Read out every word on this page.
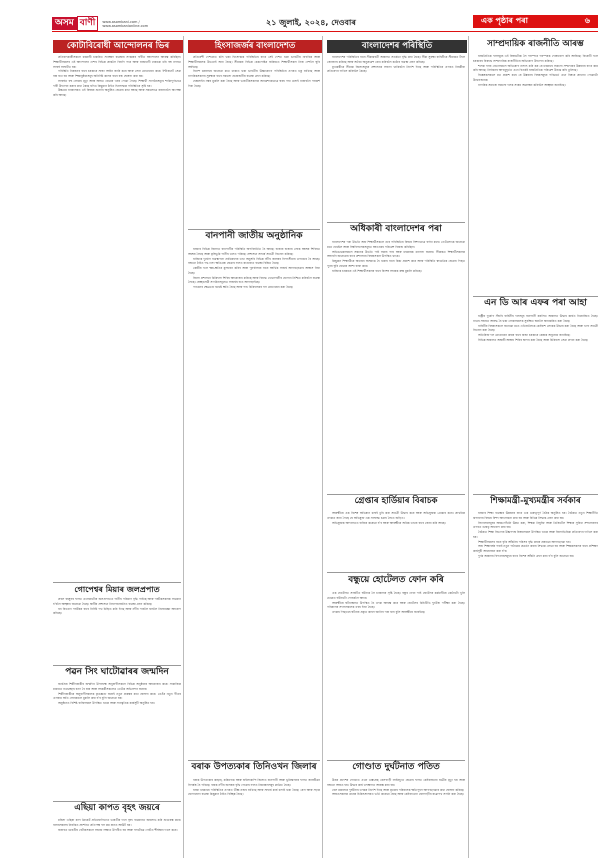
অসম বাণী	www.asombani.com / www.asombanionline.com	২১ জুলাই, ২০২৪, দেওবাৰ	এক পৃষ্ঠাৰ পৰা	৬
কোটাবিৰোধী আন্দোলনৰ ভিৰ

প্ৰতিবাদকাৰীসকলে চৰকাৰী চাকৰিত সংৰক্ষণ ব্যৱস্থাৰ সংস্কাৰৰ দাবীত আন্দোলন আৰম্ভ কৰিছিল। শিক্ষাৰ্থীসকলৰ এই আন্দোলন দেশৰ বিভিন্ন প্ৰান্তলৈ বিয়পি পৰে আৰু ৰাজধানী ঢাকাকে ধৰি বহু নগৰত সংঘৰ্ষ সংঘটিত হয়।

পৰিস্থিতি নিয়ন্ত্ৰণৰ বাবে চৰকাৰে সান্ধ্য আইন জাৰি কৰে আৰু সেনা মোতায়েন কৰে। ইণ্টাৰনেট সেৱা বন্ধ ৰখা হয় আৰু শিক্ষানুষ্ঠানসমূহ অনিৰ্দিষ্ট কালৰ বাবে বন্ধ ঘোষণা কৰা হয়।

সংঘৰ্ষত বহু লোকৰ মৃত্যু আৰু আহত হোৱাৰ খবৰ পোৱা গৈছে। শিক্ষাৰ্থী সংগঠনসমূহে শান্তিপূৰ্ণভাৱে দাবী উত্থাপন কৰাৰ কথা কৈছে যদিও কিছুমান ঠাইত হিংসাত্মক পৰিস্থিতিৰ সৃষ্টি হয়।

উচ্চতম ন্যায়ালয়ত এই বিষয়ৰ শুনানি অনুষ্ঠিত হোৱাৰ কথা আছে আৰু সকলোৱে ৰায়দানলৈ অপেক্ষা কৰি আছে।

গোপেশ্বৰ মিয়াৰ জলপ্ৰপাত

প্ৰবল বৰষুণৰ ফলত এলেকাটোৰ জলপ্ৰপাতত পানীৰ পৰিমাণ বৃদ্ধি পাইছে আৰু পৰ্যটকসকলক সাৱধান হ'বলৈ আহ্বান জনোৱা হৈছে। স্থানীয় প্ৰশাসনে নিৰাপত্তাজনিত ব্যৱস্থা গ্ৰহণ কৰিছে।

বন বিভাগে পৰ্যটকৰ বাবে নিৰ্দিষ্ট পথ চিহ্নিত কৰি দিছে আৰু নদীৰ পাৰলৈ যাবলৈ নিষেধাজ্ঞা আৰোপ কৰিছে।

পৱন সিং ঘাটোৱাৰৰ জন্মদিন

জনপ্ৰিয় শিল্পীগৰাকীৰ জন্মদিন উপলক্ষে অনুৰাগীসকলে বিভিন্ন অনুষ্ঠানৰ আয়োজন কৰে। সামাজিক মাধ্যমত শুভেচ্ছাৰ বন্যা বৈ যায় আৰু সহকৰ্মীসকলেও তেওঁক অভিনন্দন জনায়।

শিল্পীগৰাকীয়ে অনুৰাগীসকলক কৃতজ্ঞতা জনাই নতুন প্ৰকল্পৰ কথা ঘোষণা কৰে। তেওঁৰ নতুন গীতৰ এলবাম অতি সোনকালে মুকলি কৰা হ'ব বুলি জনোৱা হয়।

অনুষ্ঠানত বিশিষ্ট ব্যক্তিসকল উপস্থিত থাকে আৰু সাংস্কৃতিক কাৰ্যসূচী অনুষ্ঠিত হয়।

এছিয়া কাপত বৃহৎ জয়ৰে

মহিলা এছিয়া কাপ ক্ৰিকেট প্ৰতিযোগিতাত ভাৰতীয় দলে বৃহৎ ব্যৱধানত জয়লাভ কৰি শুভাৰম্ভ কৰে। বলাৰসকলৰ নিয়ন্ত্ৰিত প্ৰদৰ্শনত প্ৰতিপক্ষ দল কম ৰানত আউট হয়।

জবাবত ভাৰতীয় বেটাৰসকলে সহজে লক্ষ্যত উপনীত হয় আৰু দলটোৱে গোটত শীৰ্ষস্থান দখল কৰে।

হিংসাজৰ্জৰ বাংলাদেশত

প্ৰতিবেশী দেশখনত চলি থকা হিংসাত্মক পৰিস্থিতিৰ বাবে সেই দেশত থকা ভাৰতীয় নাগৰিক আৰু শিক্ষাৰ্থীসকলক উভতাই অনা হৈছে। সীমান্তৰ বিভিন্ন চেকপোষ্টৰ জৰিয়তে শিক্ষাৰ্থীসকল নিজ দেশলৈ ঘূৰি আহিছে।

বিদেশ মন্ত্ৰালয়ে জনোৱা মতে ঢাকাত থকা ভাৰতীয় উচ্চায়োগে পৰিস্থিতিৰ ওপৰত চকু ৰাখিছে আৰু নাগৰিকসকলৰ সুৰক্ষাৰ বাবে সকলো প্ৰয়োজনীয় ব্যৱস্থা গ্ৰহণ কৰিছে।

হেল্পলাইন নম্বৰ মুকলি কৰা হৈছে আৰু ভাৰতীয়সকলক অনাৱশ্যকভাৱে ঘৰৰ পৰা ওলাই নাযাবলৈ পৰামৰ্শ দিয়া হৈছে।

বানপানী জাতীয় অনুষ্ঠানিক

ৰাজ্যৰ বিভিন্ন জিলাত বানপানীৰ পৰিস্থিতি অপৰিবৰ্তিত হৈ আছে। হাজাৰ হাজাৰ লোক আশ্ৰয় শিবিৰত আশ্ৰয় লৈছে আৰু কৃষিভূমি পানীৰ তলত পৰিছে। প্ৰশাসনে সাহাৰ্য সামগ্ৰী বিতৰণ কৰিছে।

ৰাজ্যিক দুৰ্যোগ ব্যৱস্থাপনা প্ৰাধিকৰণৰ তথ্য অনুসৰি বিভিন্ন নদীৰ জলস্তৰ বিপদসীমাৰ ওপৰেৰে বৈ আছে। বহুতো ঠাইত পথ-দলং ক্ষতিগ্ৰস্ত হোৱাৰ ফলত যাতায়াত ব্যৱস্থা বিঘ্নিত হৈছে।

কেন্দ্ৰীয় দলে ক্ষয়-ক্ষতিৰ মূল্যায়ন কৰিব আৰু পুনৰ্বাসনৰ বাবে আৰ্থিক সাহাৰ্য আগবঢ়োৱাৰ আশ্বাস দিয়া হৈছে।

জিলা প্ৰশাসনে চিকিৎসা শিবিৰ আয়োজন কৰিছে আৰু বিশুদ্ধ খোৱাপানীৰ যোগান নিশ্চিত কৰিবলৈ ব্যৱস্থা লৈছে। স্বেচ্ছাসেৱী সংগঠনসমূহেও সাহাৰ্যৰ হাত আগবঢ়াইছে।

পশুধনৰ ক্ষেত্ৰতো যথেষ্ট ক্ষতি হৈছে আৰু পশু চিকিৎসকৰ দল মোতায়েন কৰা হৈছে।

বৰাক উপত্যকাৰ তিনিওখন জিলাৰ

বৰাক উপত্যকাৰ কাছাৰ, কৰিমগঞ্জ আৰু হাইলাকান্দি জিলাত বানপানী আৰু ভূমিস্খলনৰ ফলত জনজীৱন বিপৰ্যস্ত হৈ পৰিছে। বৰাক নদীৰ জলস্তৰ বৃদ্ধি পোৱাৰ ফলত নিম্নাঞ্চলসমূহ প্লাৱিত হৈছে।

ৰাজ্য চৰকাৰে পৰিস্থিতিৰ ওপৰত তীক্ষ্ণ নজৰ ৰাখিছে আৰু সাহাৰ্য কাৰ্য চলাই থকা হৈছে। ৰেল আৰু সড়ক যোগাযোগ ব্যৱস্থা কিছুমান ঠাইত বিচ্ছিন্ন হৈছে।

বাংলাদেশৰ পৰিস্থিতি

বাংলাদেশৰ পৰিস্থিতিৰ বাবে সীমান্তবৰ্তী অঞ্চলত সতৰ্কতা বৃদ্ধি কৰা হৈছে। সীমা সুৰক্ষা বাহিনীয়ে সীমান্তত টহল জোৰদাৰ কৰিছে আৰু অবৈধ অনুপ্ৰৱেশ ৰোধ কৰিবলৈ কঠোৰ ব্যৱস্থা গ্ৰহণ কৰিছে।

মুখ্যমন্ত্ৰীয়ে সীমান্ত জিলাসমূহৰ প্ৰশাসনক সজাগ থাকিবলৈ নিৰ্দেশ দিছে আৰু পৰিস্থিতিৰ ওপৰত নিয়মীয়া প্ৰতিবেদন দাখিল কৰিবলৈ কৈছে।

অধিকাৰী বাংলাদেশৰ পৰা

বাংলাদেশৰ পৰা উভতি অহা শিক্ষাৰ্থীসকলে তাৰ পৰিস্থিতিৰ বিষয়ে বিশদভাৱে বৰ্ণনা কৰে। তেওঁলোকে জনোৱা মতে হোষ্টেল আৰু বিশ্ববিদ্যালয়সমূহত আতংকৰ পৰিৱেশ বিৰাজ কৰিছিল।

অভিভাৱকসকলে সন্তানক উভতি পাই সকাহ পায় আৰু চৰকাৰক ধন্যবাদ জনায়। সীমান্তত শিক্ষাৰ্থীসকলক আদৰণি জনোৱাৰ বাবে প্ৰশাসনৰ বিষয়াসকল উপস্থিত থাকে।

কিছুমান শিক্ষাৰ্থীয়ে অধ্যয়ন অসমাপ্ত হৈ থকাৰ বাবে চিন্তা প্ৰকাশ কৰে আৰু পৰিস্থিতি স্বাভাৱিক হোৱাৰ পিছত পুনৰ ঘূৰি যোৱাৰ আশা ব্যক্ত কৰে।

ৰাজ্যিক চৰকাৰে এই শিক্ষাৰ্থীসকলৰ বাবে বিশেষ সহায়ক কক্ষ মুকলি কৰিছে।

গ্ৰেপ্তাৰ হাৰ্ডিয়াৰ বিৰাচক

আৰক্ষীয়ে এক বিশেষ অভিযান চলাই চুৰি কৰা সামগ্ৰী উদ্ধাৰ কৰে আৰু অভিযুক্তক গ্ৰেপ্তাৰ কৰে। প্ৰাথমিক তদন্তত জনা গৈছে যে অভিযুক্ত এক সংঘবদ্ধ চক্ৰৰ সৈতে জড়িত।

অভিযুক্তক আদালতত হাজিৰ কৰোৱা হ'ব আৰু আৰক্ষীয়ে অধিক তথ্যৰ বাবে জেৰা কৰি আছে।

বন্ধুয়ে হোটেলত ফোন কৰি

এক হোটেলত সংঘটিত ঘটনাক লৈ চাঞ্চল্যৰ সৃষ্টি হৈছে। বন্ধুৰ ফোন পাই হোটেলৰ কৰ্মচাৰীয়ে কোঠাটো খুলি চোৱাত ঘটনাটো পোহৰলৈ আহে।

আৰক্ষীয়ে ঘটনাস্থলত উপস্থিত হৈ তদন্ত আৰম্ভ কৰে আৰু হোটেলৰ চিচিটিভি ফুটেজ পৰীক্ষা কৰা হৈছে। পৰিয়ালৰ সদস্যসকলক খবৰ দিয়া হৈছে।

তদন্তৰ পিছতহে ঘটনাৰ প্ৰকৃত কাৰণ জানিব পৰা যাব বুলি আৰক্ষীয়ে জনাইছে।

গোণ্ডাত দুৰ্ঘটনাত পতিত

উত্তৰ প্ৰদেশৰ গোণ্ডাত এখন এক্সপ্ৰেছ ৰেলগাড়ী লাইনচ্যুত হোৱাৰ ফলত কেইবাজনো যাত্ৰীৰ মৃত্যু হয় আৰু বহুতো আহত হয়। উদ্ধাৰ কাৰ্য তৎক্ষণাত আৰম্ভ কৰা হয়।

ৰেল মন্ত্ৰালয়ে দুৰ্ঘটনাৰ তদন্তৰ নিৰ্দেশ দিছে আৰু মৃতকৰ পৰিয়ালক ক্ষতিপূৰণ আগবঢ়োৱাৰ কথা ঘোষণা কৰিছে।

আহতসকলক ওচৰৰ চিকিৎসালয়ত ভৰ্তি কৰোৱা হৈছে আৰু কেইবাখনো ৰেলগাড়ীৰ যাত্ৰাপথ সলনি কৰা হৈছে।

সাম্প্ৰদায়িক ৰাজনীতি আৰম্ভ

ৰাজনৈতিক দলসমূহে এই বিষয়টোক লৈ পৰস্পৰে পৰস্পৰক দোষাৰোপ কৰি আহিছে। বিৰোধী দলে চৰকাৰৰ বিৰুদ্ধে সাম্প্ৰদায়িক ৰাজনীতিৰ অভিযোগ উত্থাপন কৰিছে।

শাসক দলৰ নেতাসকলে অভিযোগ নস্যাৎ কৰি কয় যে চৰকাৰে সকলো সম্প্ৰদায়ৰ উন্নয়নৰ বাবে কাম কৰি আছে। নিৰ্বাচনৰ আগমুহূৰ্তত এনে বিতৰ্কই ৰাজনৈতিক পৰিৱেশ উত্তপ্ত কৰি তুলিছে।

বিশ্লেষকসকলে মত প্ৰকাশ কৰে যে উন্নয়নৰ বিষয়সমূহৰ পৰিৱৰ্তে এনে বিষয়ে প্ৰাধান্য পোৱাটো উদ্বেগজনক।

নাগৰিক সমাজে সকলো দলক সংযম অৱলম্বন কৰিবলৈ আহ্বান জনাইছে।

এন ডি আৰ এফৰ পৰা আহা

ৰাষ্ট্ৰীয় দুৰ্যোগ সঁহাৰি বাহিনীৰ দলসমূহ বানপানী কবলিত অঞ্চলত উদ্ধাৰ কাৰ্যত নিয়োজিত হৈছে। নাওৰ সহায়ত আবদ্ধ হৈ থকা লোকসকলক সুৰক্ষিত স্থানলৈ স্থানান্তৰিত কৰা হৈছে।

বাহিনীৰ বিষয়াসকলে জনোৱা মতে এতিয়ালৈকে কেইবাশ লোকক উদ্ধাৰ কৰা হৈছে আৰু খাদ্য সামগ্ৰী বিতৰণ কৰা হৈছে।

অতিৰিক্ত দল মোতায়েন কৰাৰ বাবে ৰাজ্য চৰকাৰে কেন্দ্ৰক অনুৰোধ জনাইছে।

বিভিন্ন অঞ্চলত অস্থায়ী আশ্ৰয় শিবিৰ স্থাপন কৰা হৈছে আৰু চিকিৎসা সেৱা প্ৰদান কৰা হৈছে।

শিক্ষামন্ত্ৰী-মুখ্যমন্ত্ৰীৰ সৰ্বকাৰ

ৰাজ্যৰ শিক্ষা ব্যৱস্থাৰ উন্নয়নৰ বাবে এক গুৰুত্বপূৰ্ণ বৈঠক অনুষ্ঠিত হয়। বৈঠকত নতুন শিক্ষানীতি ৰূপায়ণৰ বিষয়ে বিশদ আলোচনা কৰা হয় আৰু বিভিন্ন সিদ্ধান্ত গ্ৰহণ কৰা হয়।

বিদ্যালয়সমূহৰ আন্তঃগাঁথনি উন্নত কৰা, শিক্ষক নিযুক্তি আৰু ডিজিটেল শিক্ষাৰ সুবিধা সম্প্ৰসাৰণৰ ওপৰত গুৰুত্ব আৰোপ কৰা হয়।

বৈঠকত শিক্ষা বিভাগৰ উচ্চপদস্থ বিষয়াসকল উপস্থিত থাকে আৰু জিলাভিত্তিক প্ৰতিবেদন দাখিল কৰা হয়।

শিক্ষাৰ্থীসকলৰ বাবে বৃত্তি আঁচনিৰ পৰিসৰ বৃদ্ধি কৰাৰ প্ৰস্তাৱো আগবঢ়োৱা হয়।

অহা শিক্ষাবৰ্ষৰ পৰাই নতুন পাঠ্যক্ৰম প্ৰৱৰ্তন কৰাৰ সিদ্ধান্ত লোৱা হয় আৰু শিক্ষকসকলৰ বাবে প্ৰশিক্ষণ কাৰ্যসূচী আয়োজন কৰা হ'ব।

দুৰ্গম অঞ্চলৰ বিদ্যালয়সমূহৰ বাবে বিশেষ আঁচনি গ্ৰহণ কৰা হ'ব বুলি জনোৱা হয়।
